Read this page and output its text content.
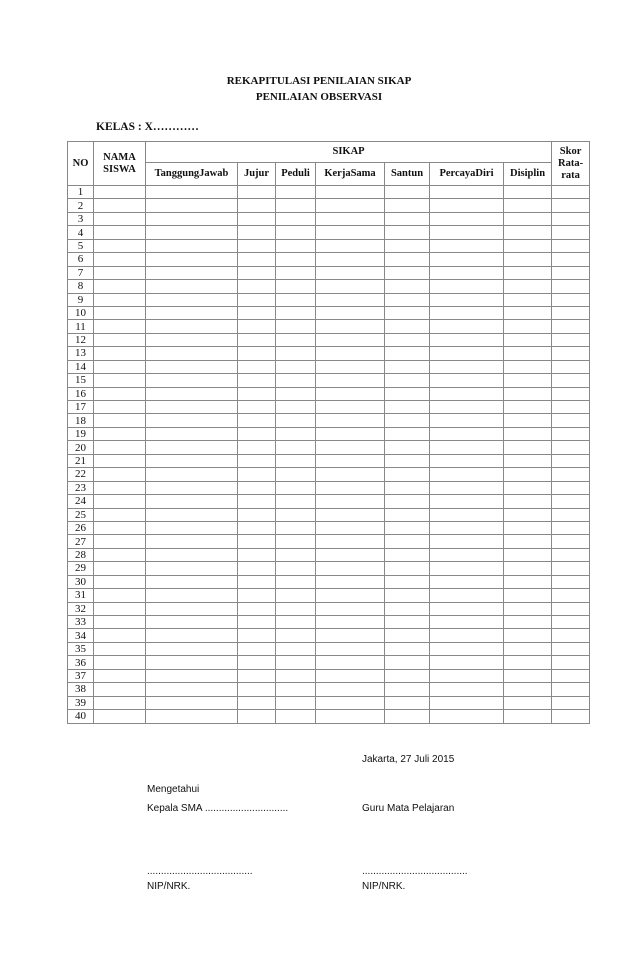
REKAPITULASI PENILAIAN SIKAP
PENILAIAN OBSERVASI
KELAS : X…………
NO	NAMA SISWA	SIKAP							Skor Rata-rata
		TanggungJawab	Jujur	Peduli	KerjaSama	Santun	PercayaDiri	Disiplin	
1									
2									
3									
4									
5									
6									
7									
8									
9									
10									
11									
12									
13									
14									
15									
16									
17									
18									
19									
20									
21									
22									
23									
24									
25									
26									
27									
28									
29									
30									
31									
32									
33									
34									
35									
36									
37									
38									
39									
40									
Jakarta, 27 Juli 2015
Mengetahui
Kepala SMA ..............................	Guru Mata Pelajaran
......................................	......................................
NIP/NRK.	NIP/NRK.
